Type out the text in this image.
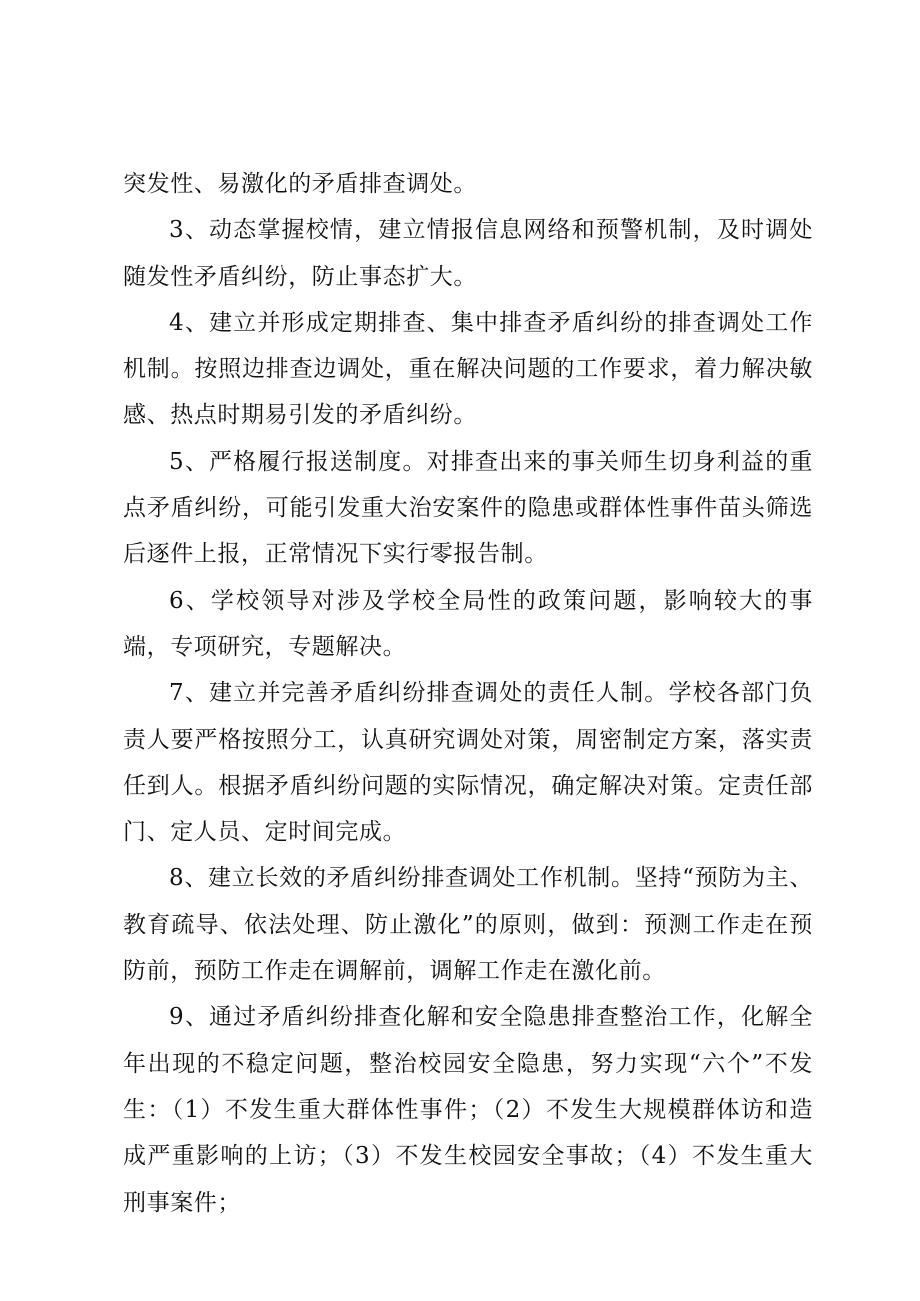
突发性、易激化的矛盾排查调处。

3、动态掌握校情，建立情报信息网络和预警机制，及时调处随发性矛盾纠纷，防止事态扩大。

4、建立并形成定期排查、集中排查矛盾纠纷的排查调处工作机制。按照边排查边调处，重在解决问题的工作要求，着力解决敏感、热点时期易引发的矛盾纠纷。

5、严格履行报送制度。对排查出来的事关师生切身利益的重点矛盾纠纷，可能引发重大治安案件的隐患或群体性事件苗头筛选后逐件上报，正常情况下实行零报告制。

6、学校领导对涉及学校全局性的政策问题，影响较大的事端，专项研究，专题解决。

7、建立并完善矛盾纠纷排查调处的责任人制。学校各部门负责人要严格按照分工，认真研究调处对策，周密制定方案，落实责任到人。根据矛盾纠纷问题的实际情况，确定解决对策。定责任部门、定人员、定时间完成。

8、建立长效的矛盾纠纷排查调处工作机制。坚持“预防为主、教育疏导、依法处理、防止激化”的原则，做到：预测工作走在预防前，预防工作走在调解前，调解工作走在激化前。

9、通过矛盾纠纷排查化解和安全隐患排查整治工作，化解全年出现的不稳定问题，整治校园安全隐患，努力实现“六个”不发生：（1）不发生重大群体性事件；（2）不发生大规模群体访和造成严重影响的上访；（3）不发生校园安全事故；（4）不发生重大刑事案件；
